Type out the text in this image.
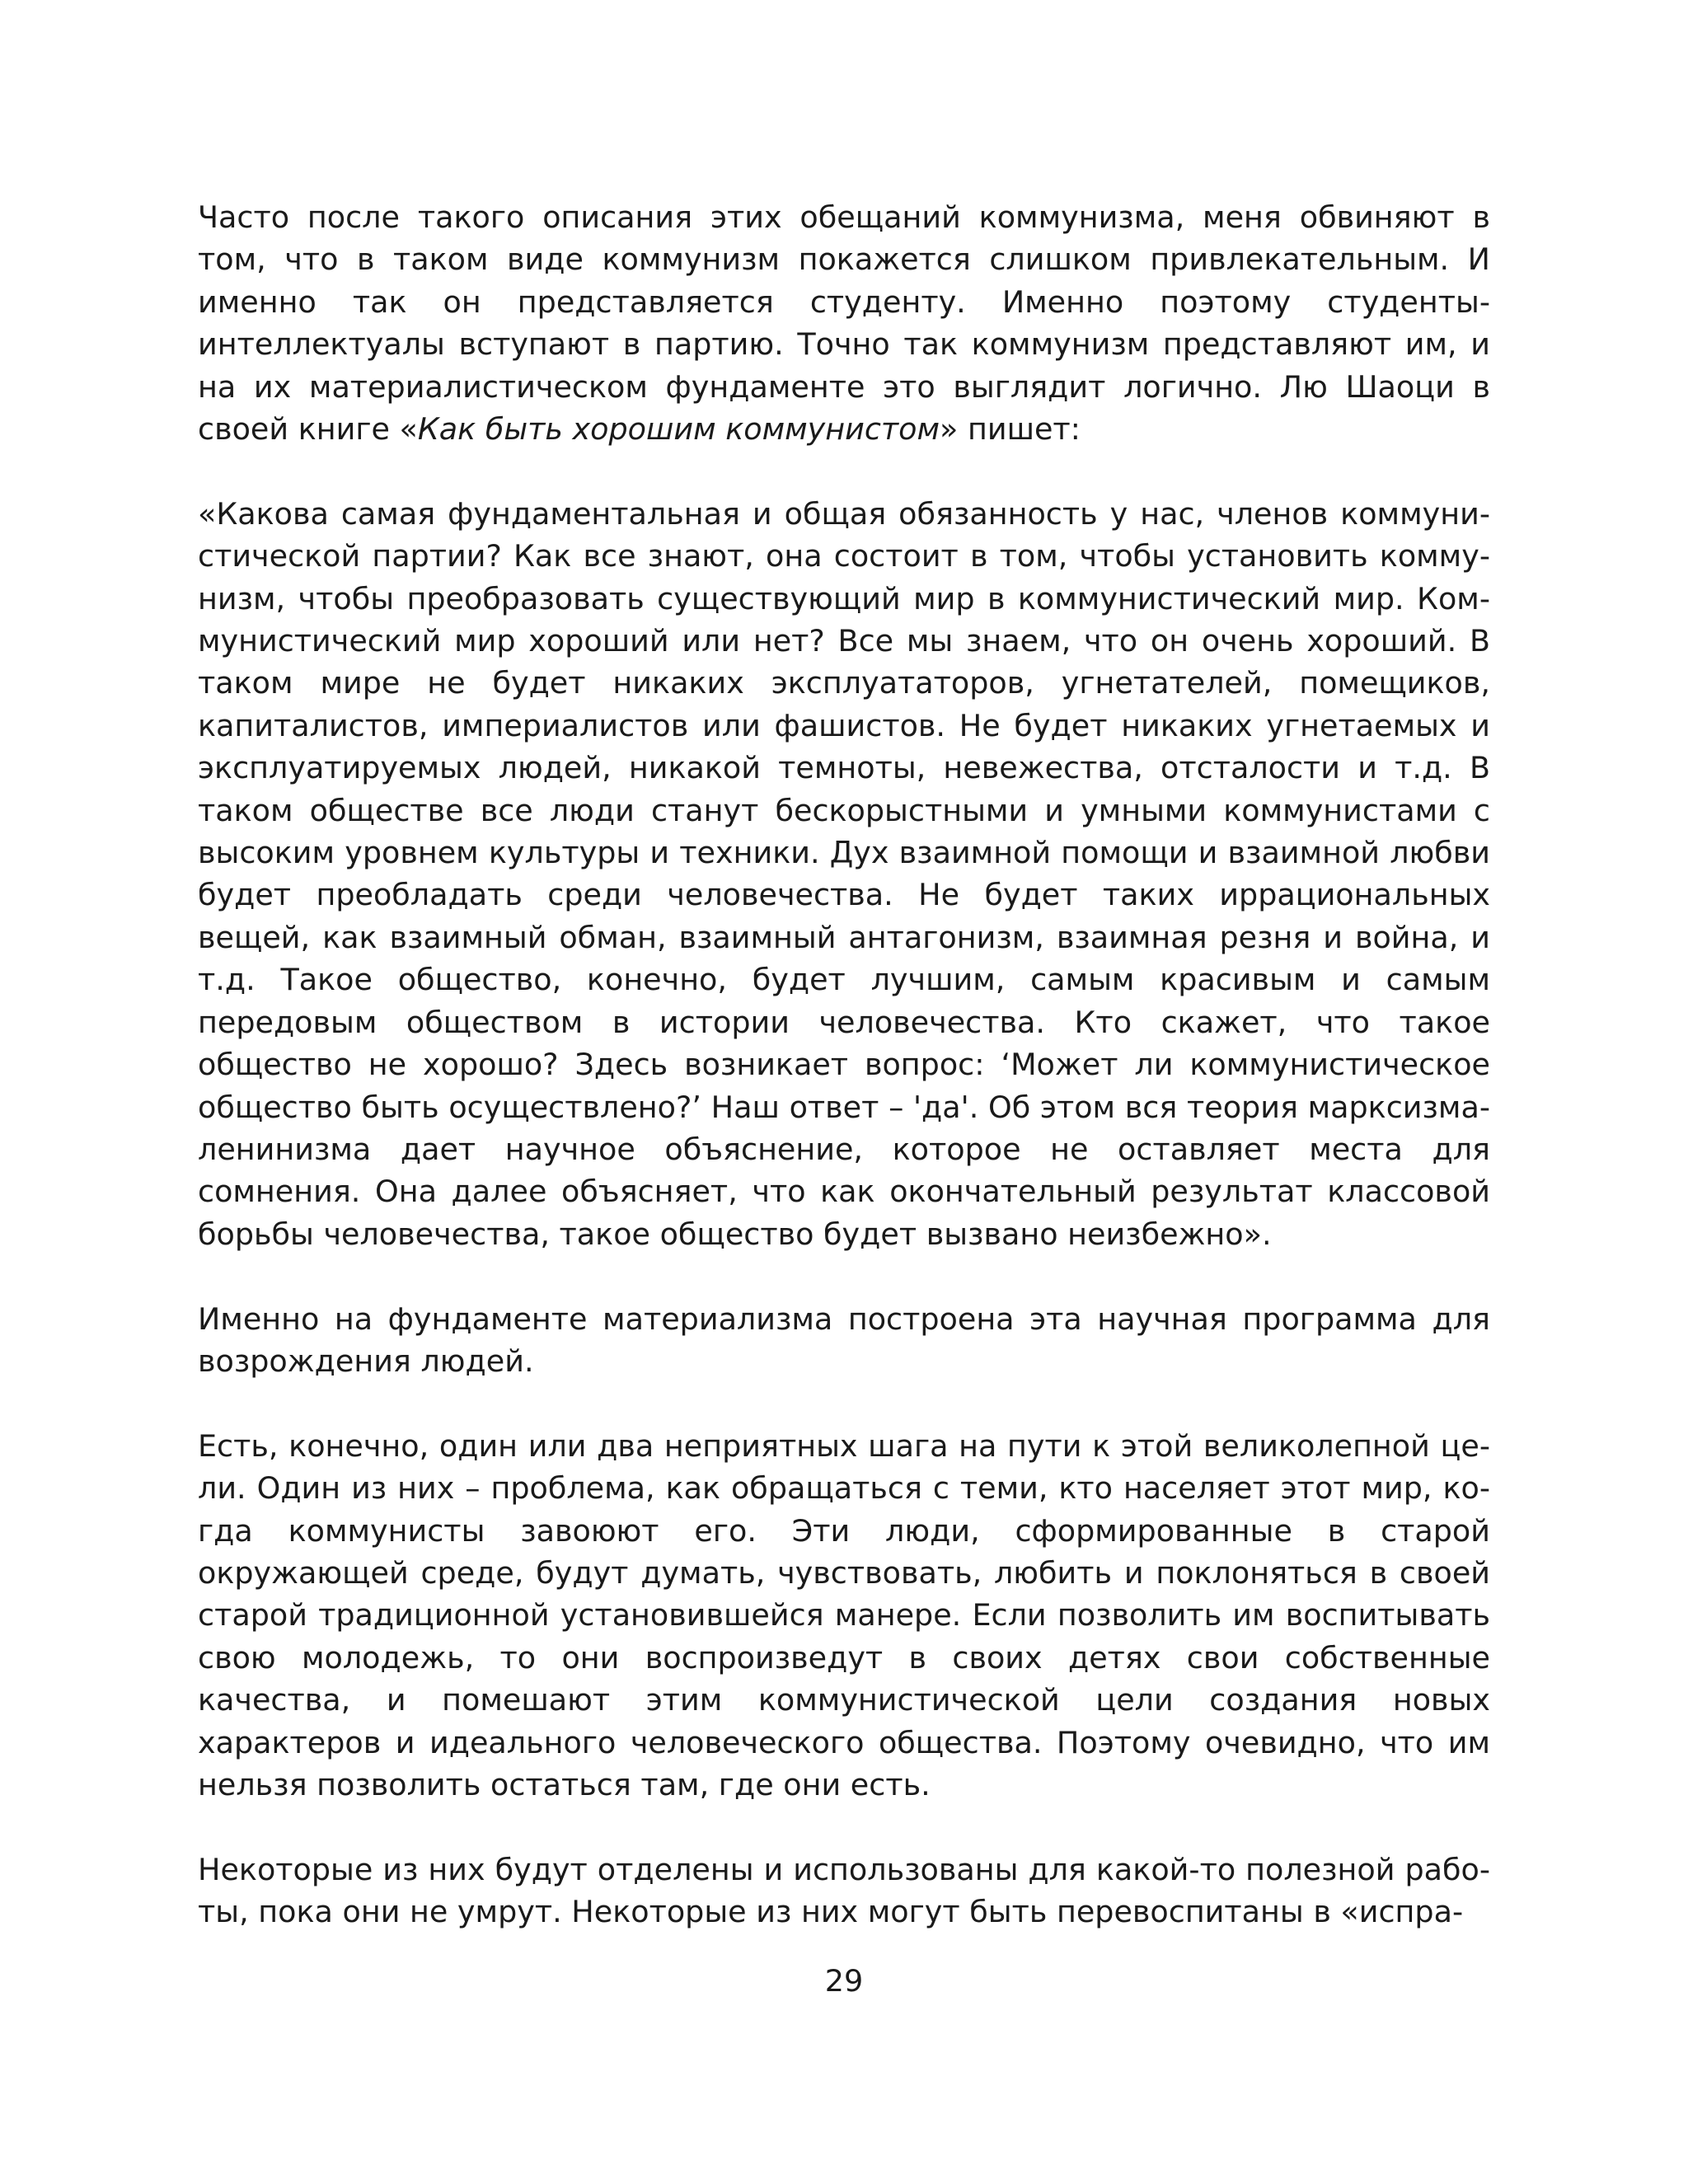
Часто после такого описания этих обещаний коммунизма, меня обвиняют в том, что в таком виде коммунизм покажется слишком привлекательным. И именно так он представляется студенту. Именно поэтому студенты-интеллектуалы вступают в партию. Точно так коммунизм представляют им, и на их материалистическом фундаменте это выглядит логично. Лю Шаоци в своей книге «Как быть хорошим коммунистом» пишет:

«Какова самая фундаментальная и общая обязанность у нас, членов коммунистической партии? Как все знают, она состоит в том, чтобы установить коммунизм, чтобы преобразовать существующий мир в коммунистический мир. Коммунистический мир хороший или нет? Все мы знаем, что он очень хороший. В таком мире не будет никаких эксплуататоров, угнетателей, помещиков, капиталистов, империалистов или фашистов. Не будет никаких угнетаемых и эксплуатируемых людей, никакой темноты, невежества, отсталости и т.д. В таком обществе все люди станут бескорыстными и умными коммунистами с высоким уровнем культуры и техники. Дух взаимной помощи и взаимной любви будет преобладать среди человечества. Не будет таких иррациональных вещей, как взаимный обман, взаимный антагонизм, взаимная резня и война, и т.д. Такое общество, конечно, будет лучшим, самым красивым и самым передовым обществом в истории человечества. Кто скажет, что такое общество не хорошо? Здесь возникает вопрос: ‘Может ли коммунистическое общество быть осуществлено?’ Наш ответ – 'да'. Об этом вся теория марксизма-ленинизма дает научное объяснение, которое не оставляет места для сомнения. Она далее объясняет, что как окончательный результат классовой борьбы человечества, такое общество будет вызвано неизбежно».

Именно на фундаменте материализма построена эта научная программа для возрождения людей.

Есть, конечно, один или два неприятных шага на пути к этой великолепной цели. Один из них – проблема, как обращаться с теми, кто населяет этот мир, когда коммунисты завоюют его. Эти люди, сформированные в старой окружающей среде, будут думать, чувствовать, любить и поклоняться в своей старой традиционной установившейся манере. Если позволить им воспитывать свою молодежь, то они воспроизведут в своих детях свои собственные качества, и помешают этим коммунистической цели создания новых характеров и идеального человеческого общества. Поэтому очевидно, что им нельзя позволить остаться там, где они есть.

Некоторые из них будут отделены и использованы для какой-то полезной работы, пока они не умрут. Некоторые из них могут быть перевоспитаны в «испра-

29
